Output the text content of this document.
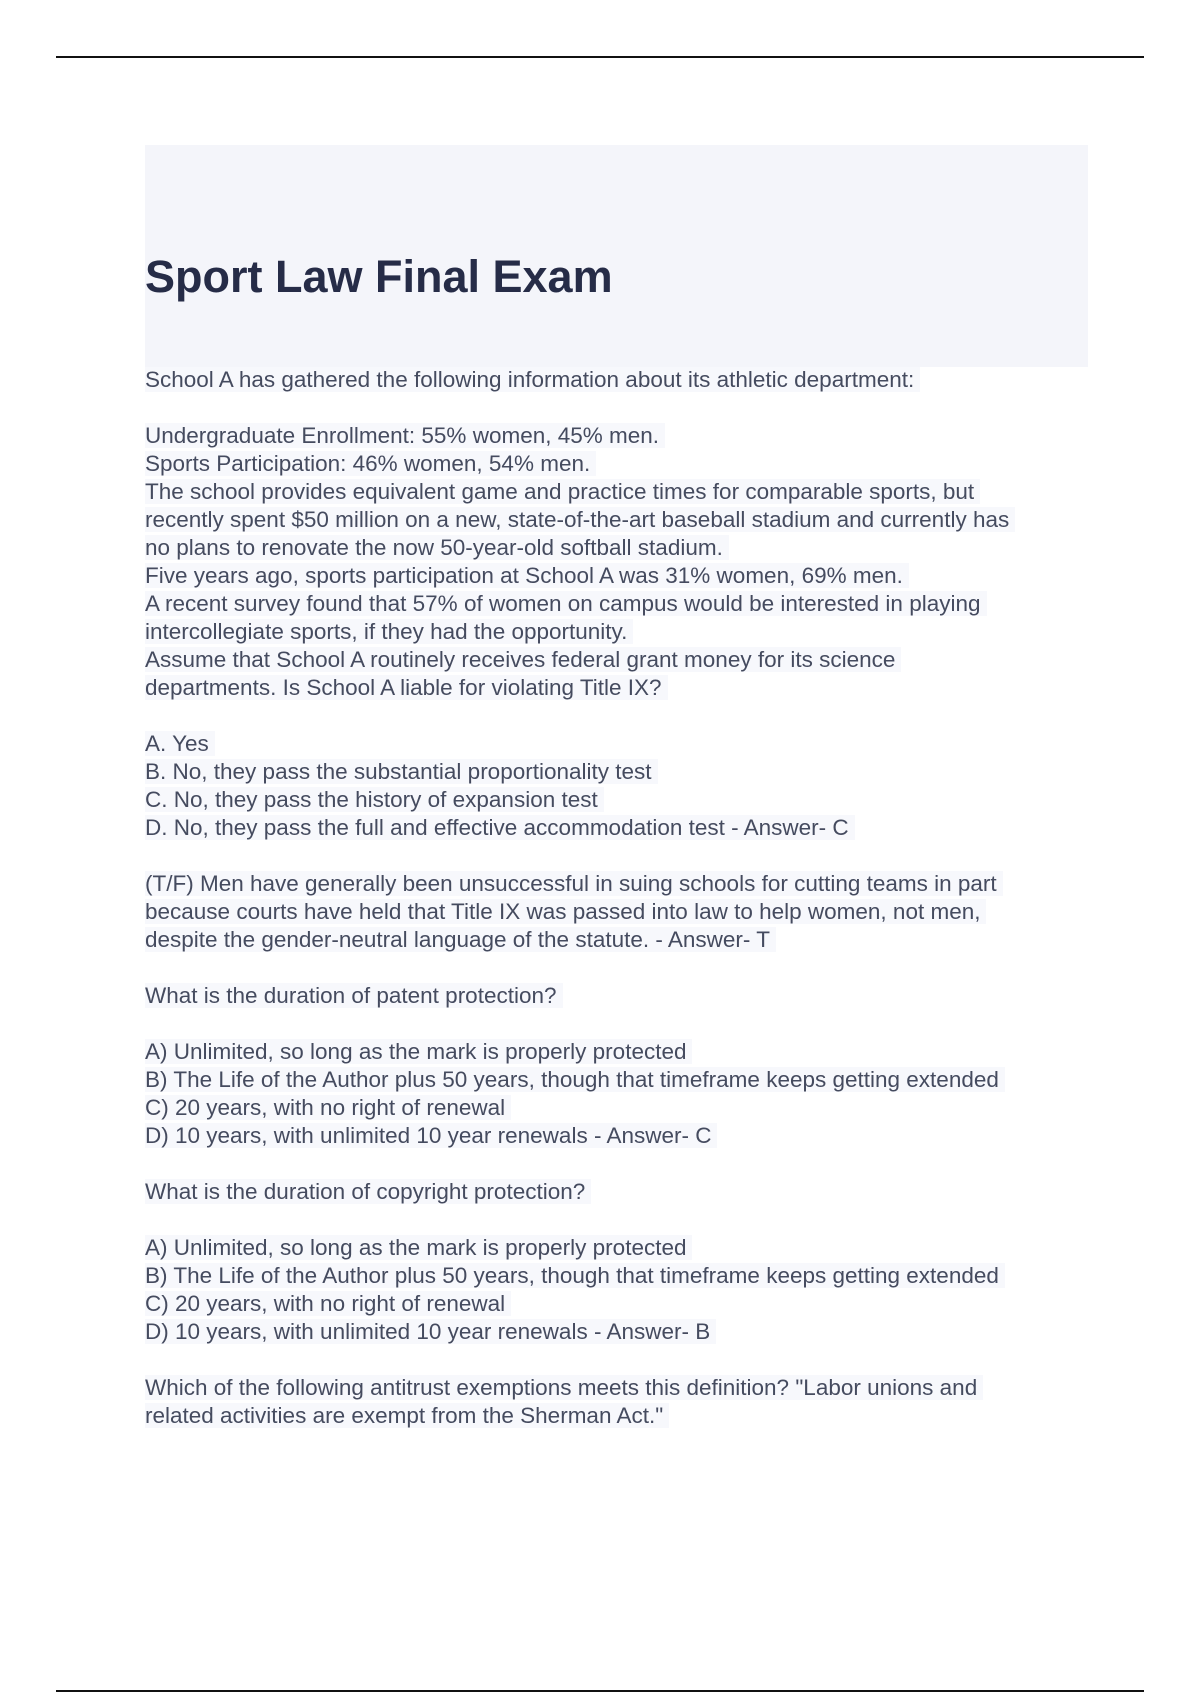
Sport Law Final Exam
School A has gathered the following information about its athletic department:
Undergraduate Enrollment: 55% women, 45% men.
Sports Participation: 46% women, 54% men.
The school provides equivalent game and practice times for comparable sports, but
recently spent $50 million on a new, state-of-the-art baseball stadium and currently has
no plans to renovate the now 50-year-old softball stadium.
Five years ago, sports participation at School A was 31% women, 69% men.
A recent survey found that 57% of women on campus would be interested in playing
intercollegiate sports, if they had the opportunity.
Assume that School A routinely receives federal grant money for its science
departments. Is School A liable for violating Title IX?
A. Yes
B. No, they pass the substantial proportionality test
C. No, they pass the history of expansion test
D. No, they pass the full and effective accommodation test - Answer- C
(T/F) Men have generally been unsuccessful in suing schools for cutting teams in part
because courts have held that Title IX was passed into law to help women, not men,
despite the gender-neutral language of the statute. - Answer- T
What is the duration of patent protection?
A) Unlimited, so long as the mark is properly protected
B) The Life of the Author plus 50 years, though that timeframe keeps getting extended
C) 20 years, with no right of renewal
D) 10 years, with unlimited 10 year renewals - Answer- C
What is the duration of copyright protection?
A) Unlimited, so long as the mark is properly protected
B) The Life of the Author plus 50 years, though that timeframe keeps getting extended
C) 20 years, with no right of renewal
D) 10 years, with unlimited 10 year renewals - Answer- B
Which of the following antitrust exemptions meets this definition? "Labor unions and
related activities are exempt from the Sherman Act."
